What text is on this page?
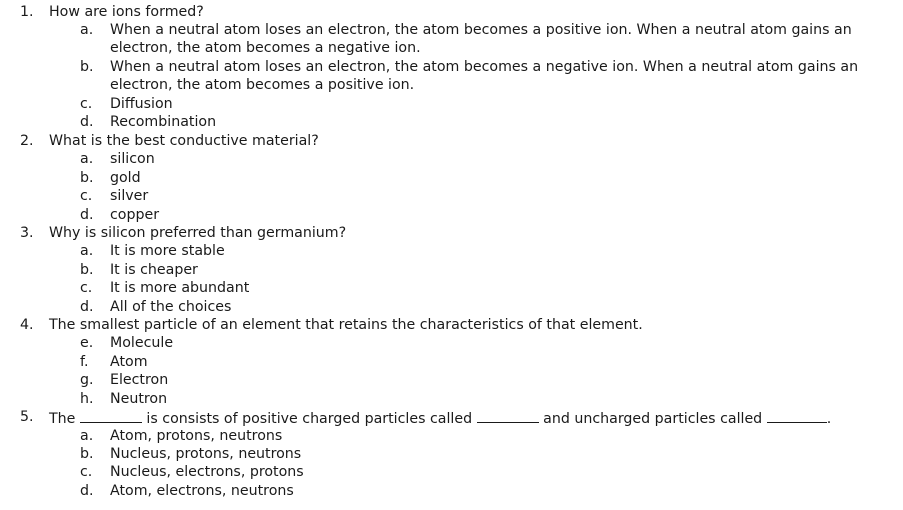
1. How are ions formed?
a. When a neutral atom loses an electron, the atom becomes a positive ion. When a neutral atom gains an electron, the atom becomes a negative ion.
b. When a neutral atom loses an electron, the atom becomes a negative ion. When a neutral atom gains an electron, the atom becomes a positive ion.
c. Diffusion
d. Recombination
2. What is the best conductive material?
a. silicon
b. gold
c. silver
d. copper
3. Why is silicon preferred than germanium?
a. It is more stable
b. It is cheaper
c. It is more abundant
d. All of the choices
4. The smallest particle of an element that retains the characteristics of that element.
e. Molecule
f. Atom
g. Electron
h. Neutron
5. The	is consists of positive charged particles called	and uncharged particles called	.
a. Atom, protons, neutrons
b. Nucleus, protons, neutrons
c. Nucleus, electrons, protons
d. Atom, electrons, neutrons
